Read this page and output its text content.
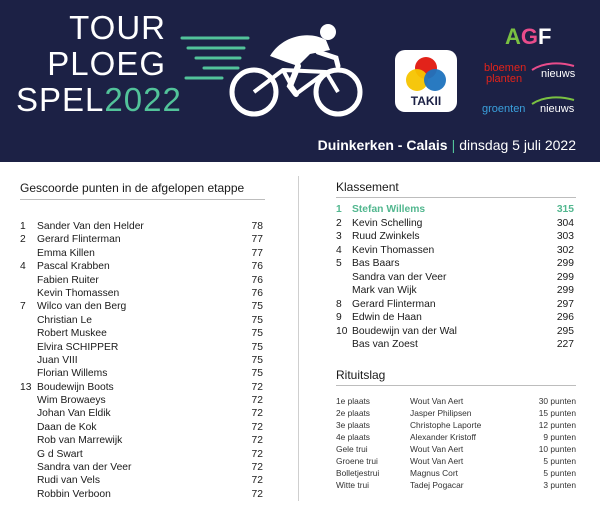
TOUR
PLOEG
SPEL2022	TAKII
AGF
bloemen
planten nieuws
groenten nieuws
Duinkerken - Calais | dinsdag 5 juli 2022
Gescoorde punten in de afgelopen etappe
1 Sander Van den Helder	78
2 Gerard Flinterman	77
Emma Killen	77
4 Pascal Krabben	76
Fabien Ruiter	76
Kevin Thomassen	76
7 Wilco van den Berg	75
Christian Le	75
Robert Muskee	75
Elvira SCHIPPER	75
Juan VIII	75
Florian Willems	75
13 Boudewijn Boots	72
Wim Browaeys	72
Johan Van Eldik	72
Daan de Kok	72
Rob van Marrewijk	72
G d Swart	72
Sandra van der Veer	72
Rudi van Vels	72
Robbin Verboon	72
Klassement
1 Stefan Willems	315
2 Kevin Schelling	304
3 Ruud Zwinkels	303
4 Kevin Thomassen	302
5 Bas Baars	299
Sandra van der Veer	299
Mark van Wijk	299
8 Gerard Flinterman	297
9 Edwin de Haan	296
10 Boudewijn van der Wal	295
Bas van Zoest	227
Rituitslag
1e plaats	Wout Van Aert	30 punten
2e plaats	Jasper Philipsen	15 punten
3e plaats	Christophe Laporte	12 punten
4e plaats	Alexander Kristoff	9 punten
Gele trui	Wout Van Aert	10 punten
Groene trui	Wout Van Aert	5 punten
Bolletjestrui	Magnus Cort	5 punten
Witte trui	Tadej Pogacar	3 punten
